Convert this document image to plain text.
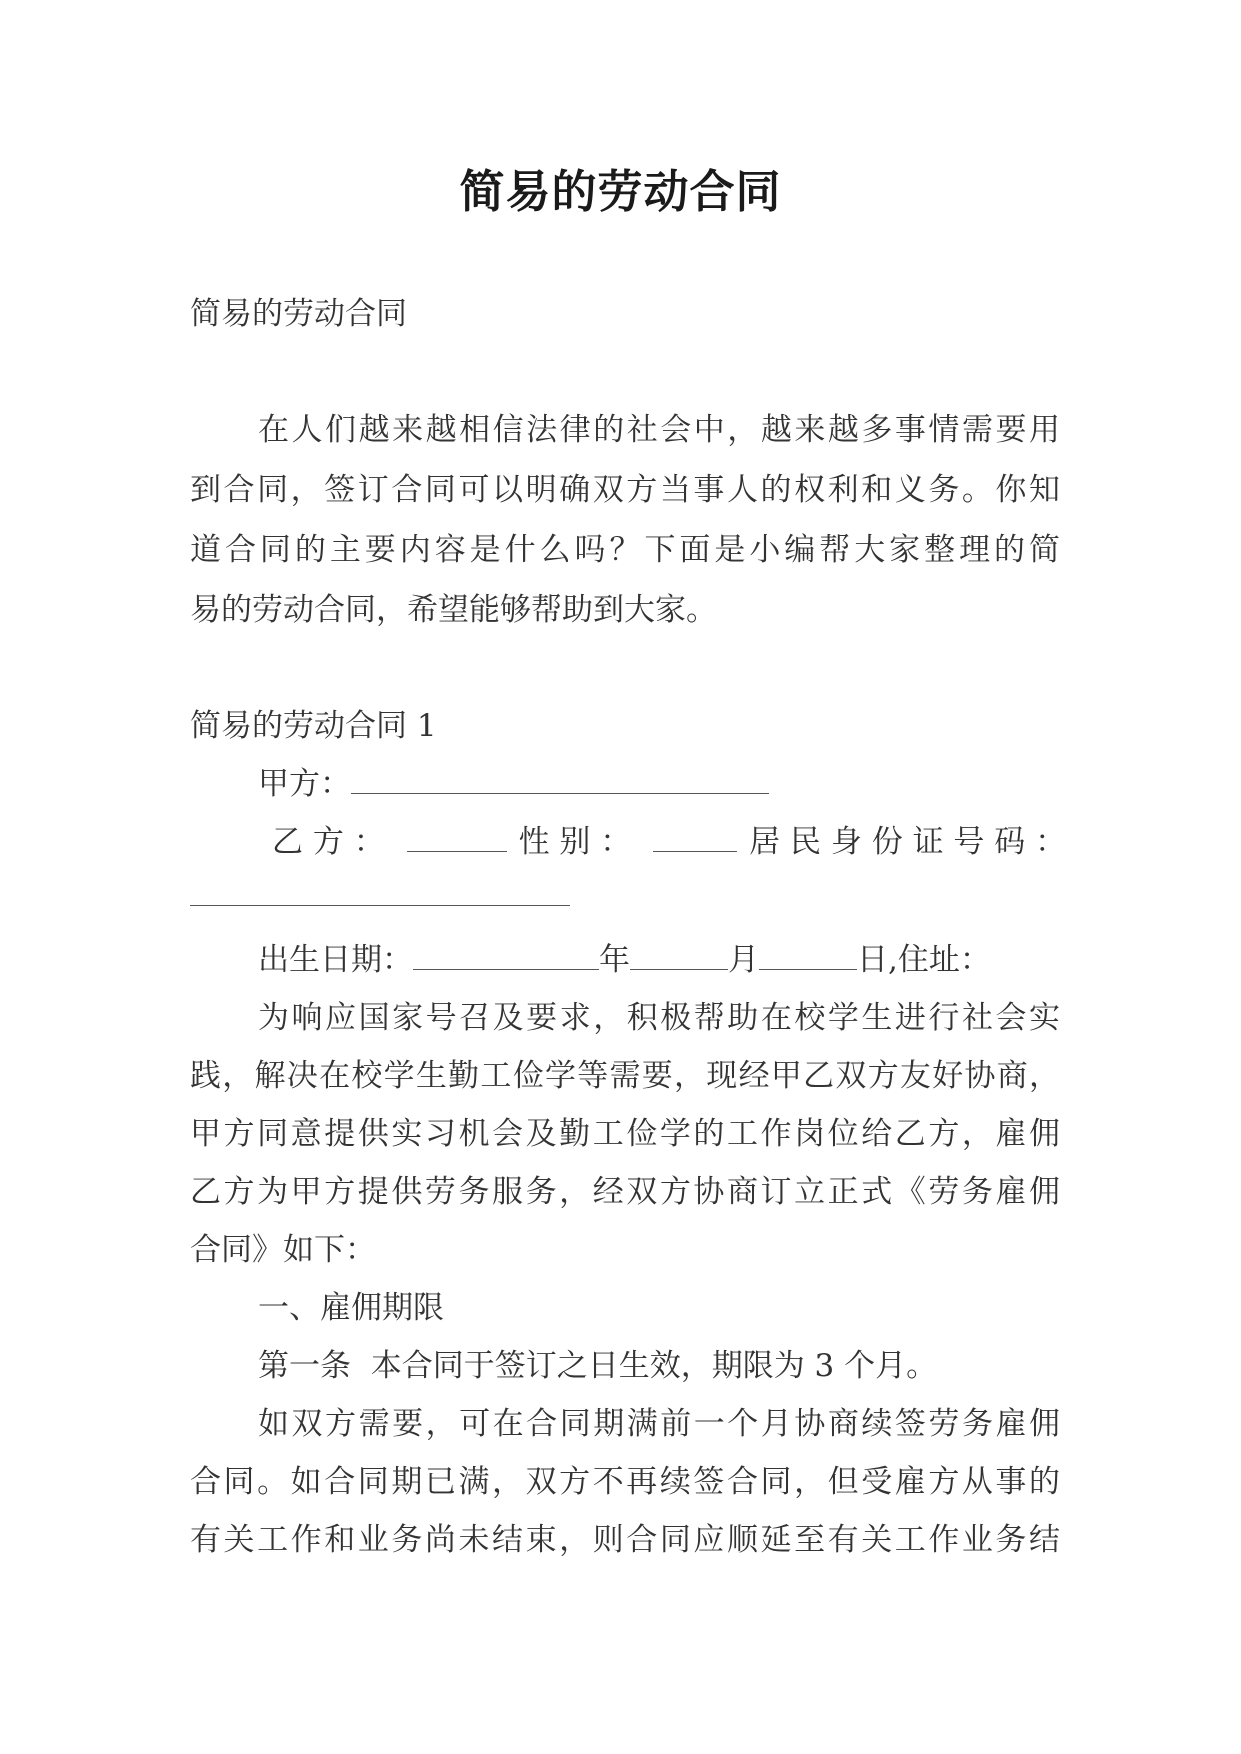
简易的劳动合同
简易的劳动合同
在人们越来越相信法律的社会中，越来越多事情需要用
到合同，签订合同可以明确双方当事人的权利和义务。你知
道合同的主要内容是什么吗？下面是小编帮大家整理的简
易的劳动合同，希望能够帮助到大家。
简易的劳动合同 1
甲方：
乙 方 ：	性 别 ：	居 民 身 份 证 号 码 ：
出生日期：	年	月	日,住址：
为响应国家号召及要求，积极帮助在校学生进行社会实
践，解决在校学生勤工俭学等需要，现经甲乙双方友好协商，
甲方同意提供实习机会及勤工俭学的工作岗位给乙方，雇佣
乙方为甲方提供劳务服务，经双方协商订立正式《劳务雇佣
合同》如下：
一、雇佣期限
第一条  本合同于签订之日生效，期限为 3 个月。
如双方需要，可在合同期满前一个月协商续签劳务雇佣
合同。如合同期已满，双方不再续签合同，但受雇方从事的
有关工作和业务尚未结束，则合同应顺延至有关工作业务结
